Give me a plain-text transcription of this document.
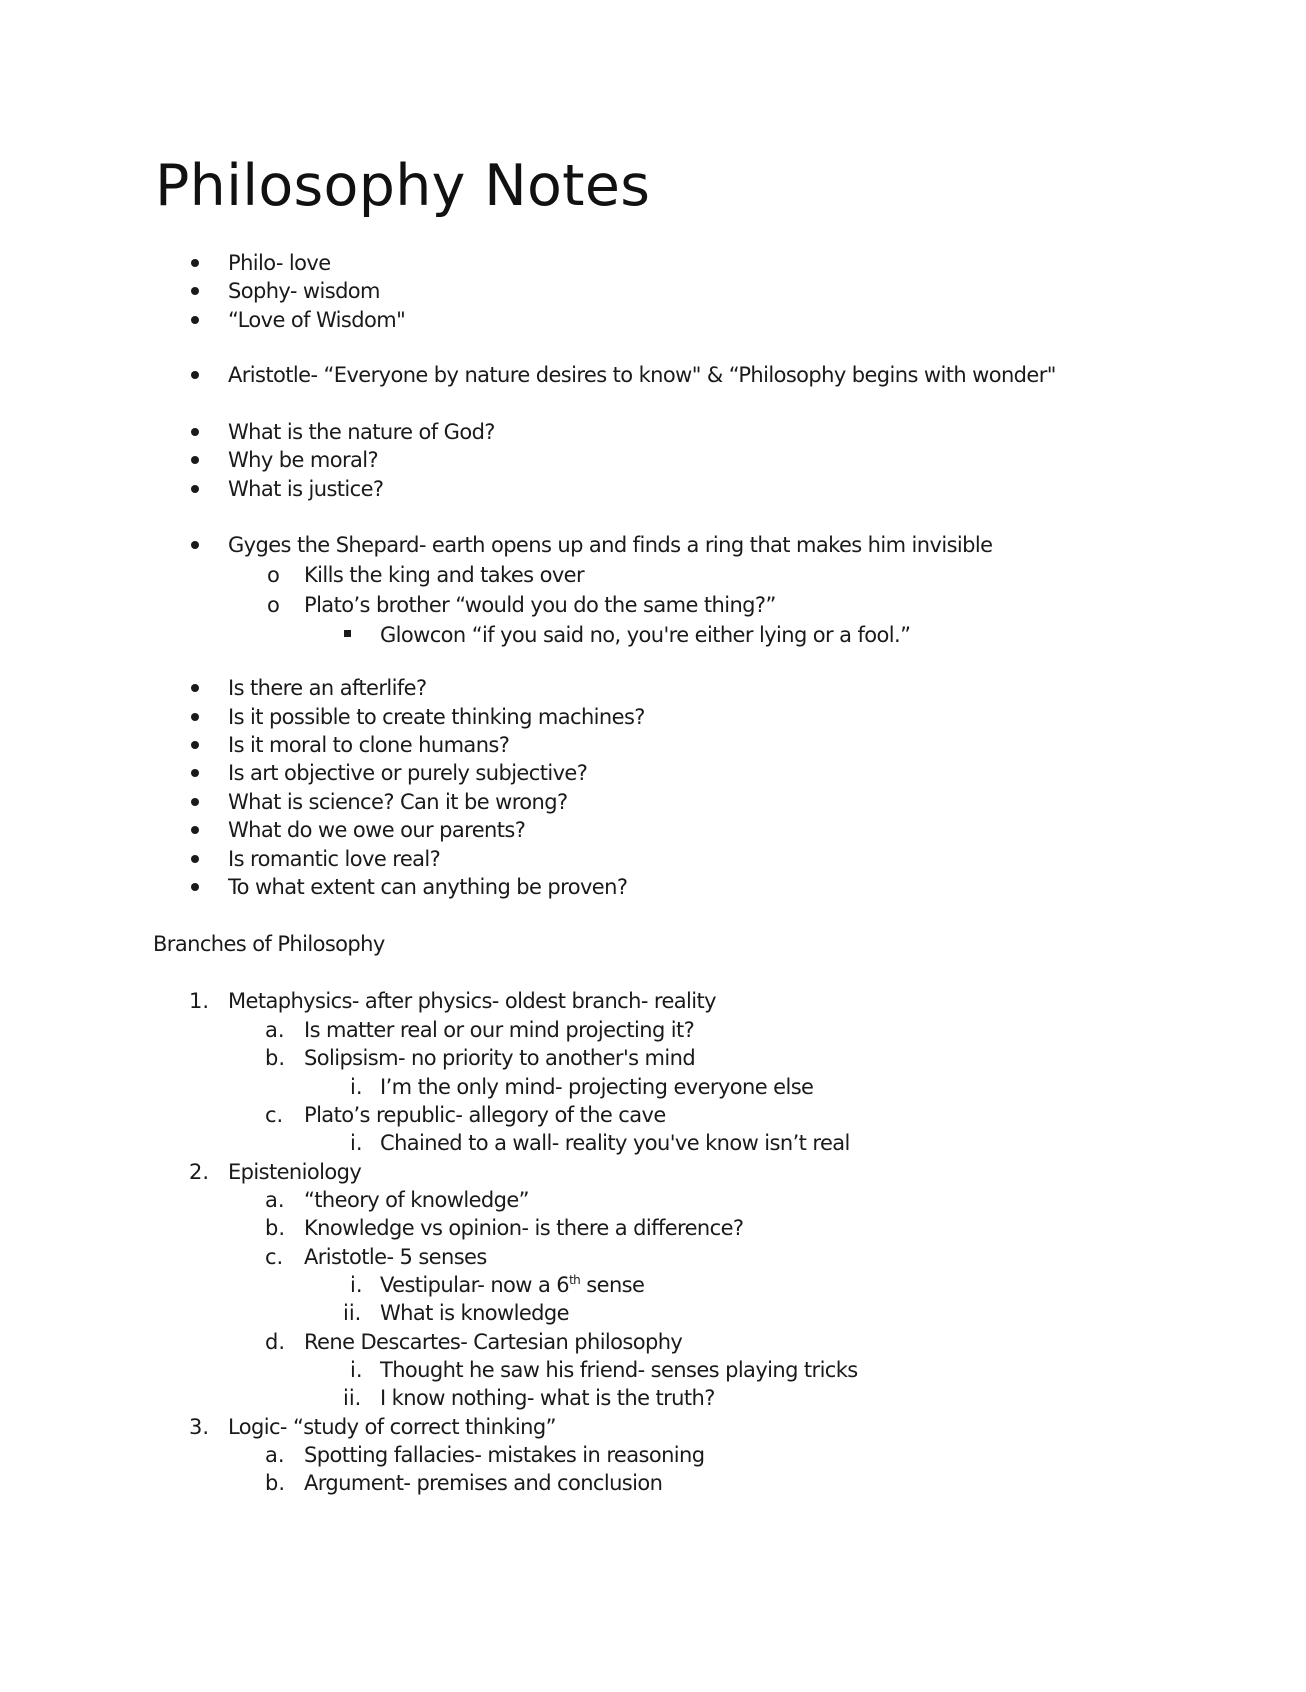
Philosophy Notes
Philo- love
Sophy- wisdom
“Love of Wisdom"
Aristotle- “Everyone by nature desires to know" & “Philosophy begins with wonder"
What is the nature of God?
Why be moral?
What is justice?
Gyges the Shepard- earth opens up and finds a ring that makes him invisible
o Kills the king and takes over
o Plato’s brother “would you do the same thing?”
Glowcon “if you said no, you're either lying or a fool.”
Is there an afterlife?
Is it possible to create thinking machines?
Is it moral to clone humans?
Is art objective or purely subjective?
What is science? Can it be wrong?
What do we owe our parents?
Is romantic love real?
To what extent can anything be proven?
Branches of Philosophy
1. Metaphysics- after physics- oldest branch- reality
a. Is matter real or our mind projecting it?
b. Solipsism- no priority to another's mind
i. I’m the only mind- projecting everyone else
c. Plato’s republic- allegory of the cave
i. Chained to a wall- reality you've know isn’t real
2. Episteniology
a. “theory of knowledge”
b. Knowledge vs opinion- is there a difference?
c. Aristotle- 5 senses
i. Vestipular- now a 6th sense
ii. What is knowledge
d. Rene Descartes- Cartesian philosophy
i. Thought he saw his friend- senses playing tricks
ii. I know nothing- what is the truth?
3. Logic- “study of correct thinking”
a. Spotting fallacies- mistakes in reasoning
b. Argument- premises and conclusion
